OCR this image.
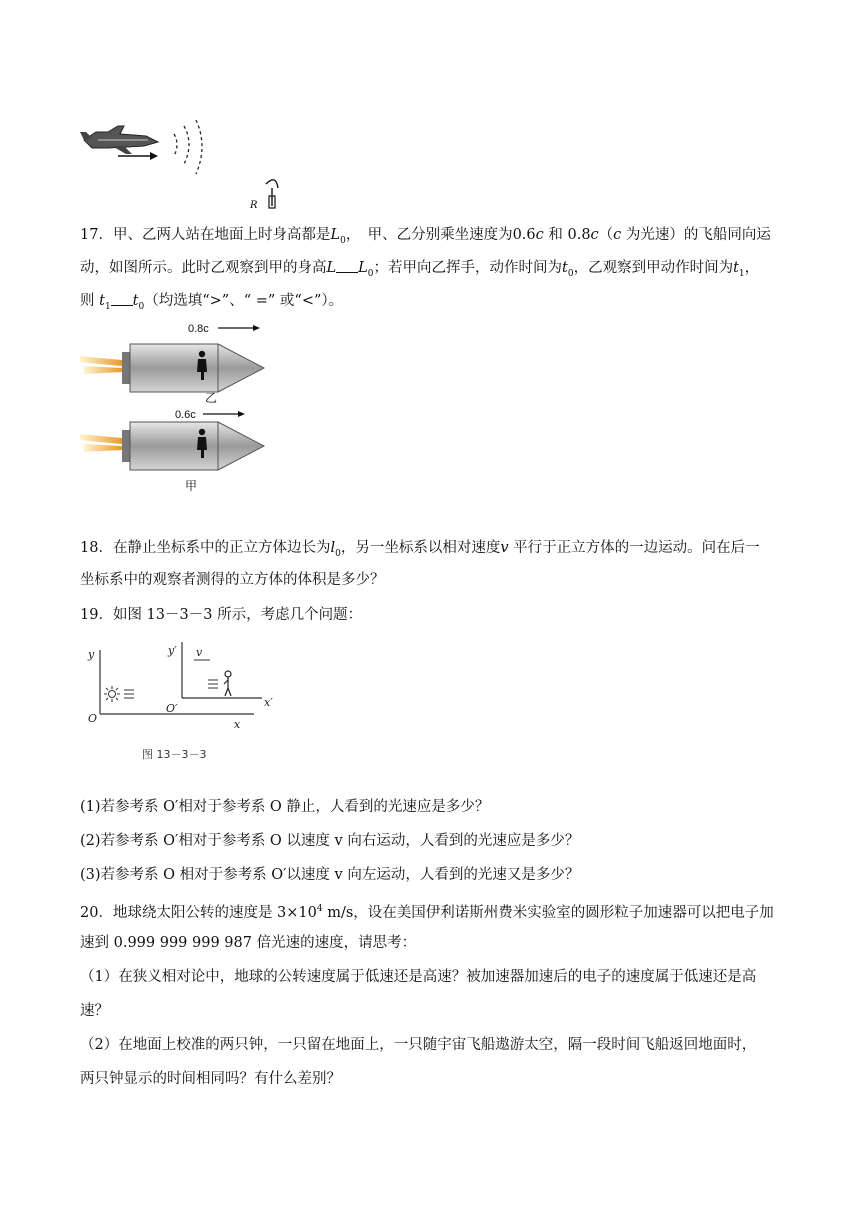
R
17．甲、乙两人站在地面上时身高都是$L_0$，　甲、乙分别乘坐速度为0.6c 和 0.8c（c 为光速）的飞船同向运
动，如图所示。此时乙观察到甲的身高L $L_0$；若甲向乙挥手，动作时间为$t_0$，乙观察到甲动作时间为$t_1$，
则 $t_1$ $t_0$（均选填“>”、“ =” 或“<”）。
0.8c
乙
0.6c
甲
18．在静止坐标系中的正立方体边长为$l_0$，另一坐标系以相对速度v 平行于正立方体的一边运动。问在后一
坐标系中的观察者测得的立方体的体积是多少？
19．如图 13－3－3 所示，考虑几个问题：
y
O	x
y′
O′	x′
v
图 13－3－3
(1)若参考系 O′相对于参考系 O 静止，人看到的光速应是多少？
(2)若参考系 O′相对于参考系 O 以速度 v 向右运动，人看到的光速应是多少？
(3)若参考系 O 相对于参考系 O′以速度 v 向左运动，人看到的光速又是多少？
20．地球绕太阳公转的速度是 $3\times 10^4$ m/s，设在美国伊利诺斯州费米实验室的圆形粒子加速器可以把电子加
速到 0.999 999 999 987 倍光速的速度，请思考：
（1）在狭义相对论中，地球的公转速度属于低速还是高速？被加速器加速后的电子的速度属于低速还是高
速？
（2）在地面上校准的两只钟，一只留在地面上，一只随宇宙飞船遨游太空，隔一段时间飞船返回地面时，
两只钟显示的时间相同吗？有什么差别？
